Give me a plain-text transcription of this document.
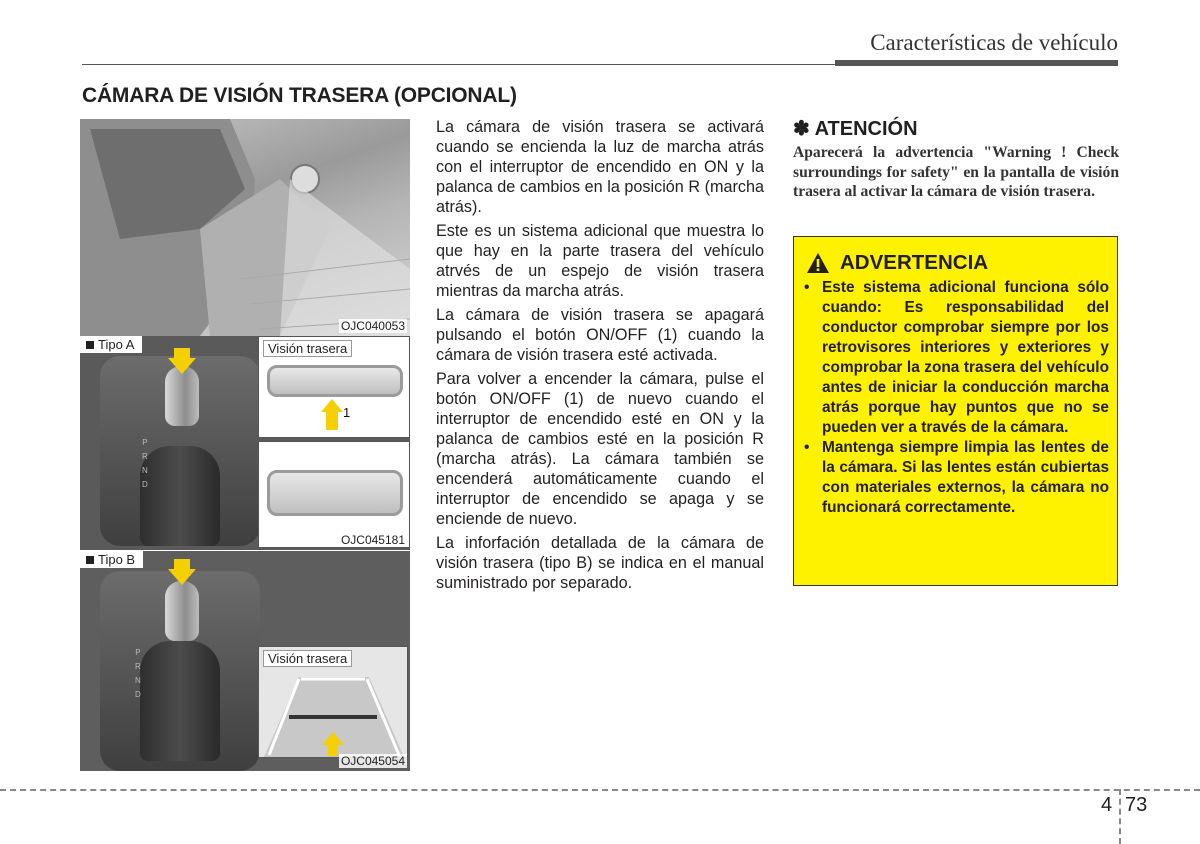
Características de vehículo
CÁMARA DE VISIÓN TRASERA (OPCIONAL)
OJC040053
P
R
N
D
Tipo A	Visión trasera
1
OJC045181
P
R
N
D
Tipo B
Visión trasera
OJC045054

La cámara de visión trasera se activará cuando se encienda la luz de marcha atrás con el interruptor de encendido en ON y la palanca de cambios en la posición R (marcha atrás).

Este es un sistema adicional que muestra lo que hay en la parte trasera del vehículo atrvés de un espejo de visión trasera mientras da marcha atrás.

La cámara de visión trasera se apagará pulsando el botón ON/OFF (1) cuando la cámara de visión trasera esté activada.

Para volver a encender la cámara, pulse el botón ON/OFF (1) de nuevo cuando el interruptor de encendido esté en ON y la palanca de cambios esté en la posición R (marcha atrás). La cámara también se encenderá automáticamente cuando el interruptor de encendido se apaga y se enciende de nuevo.

La inforfación detallada de la cámara de visión trasera (tipo B) se indica en el manual suministrado por separado.

✽ ATENCIÓN
Aparecerá la advertencia "Warning ! Check surroundings for safety" en la pantalla de visión trasera al activar la cámara de visión trasera.
ADVERTENCIA
• Este sistema adicional funciona sólo cuando: Es responsabilidad del conductor comprobar siempre por los retrovisores interiores y exteriores y comprobar la zona trasera del vehículo antes de iniciar la conducción marcha atrás porque hay puntos que no se pueden ver a través de la cámara.
• Mantenga siempre limpia las lentes de la cámara. Si las lentes están cubiertas con materiales externos, la cámara no funcionará correctamente.
4 73
